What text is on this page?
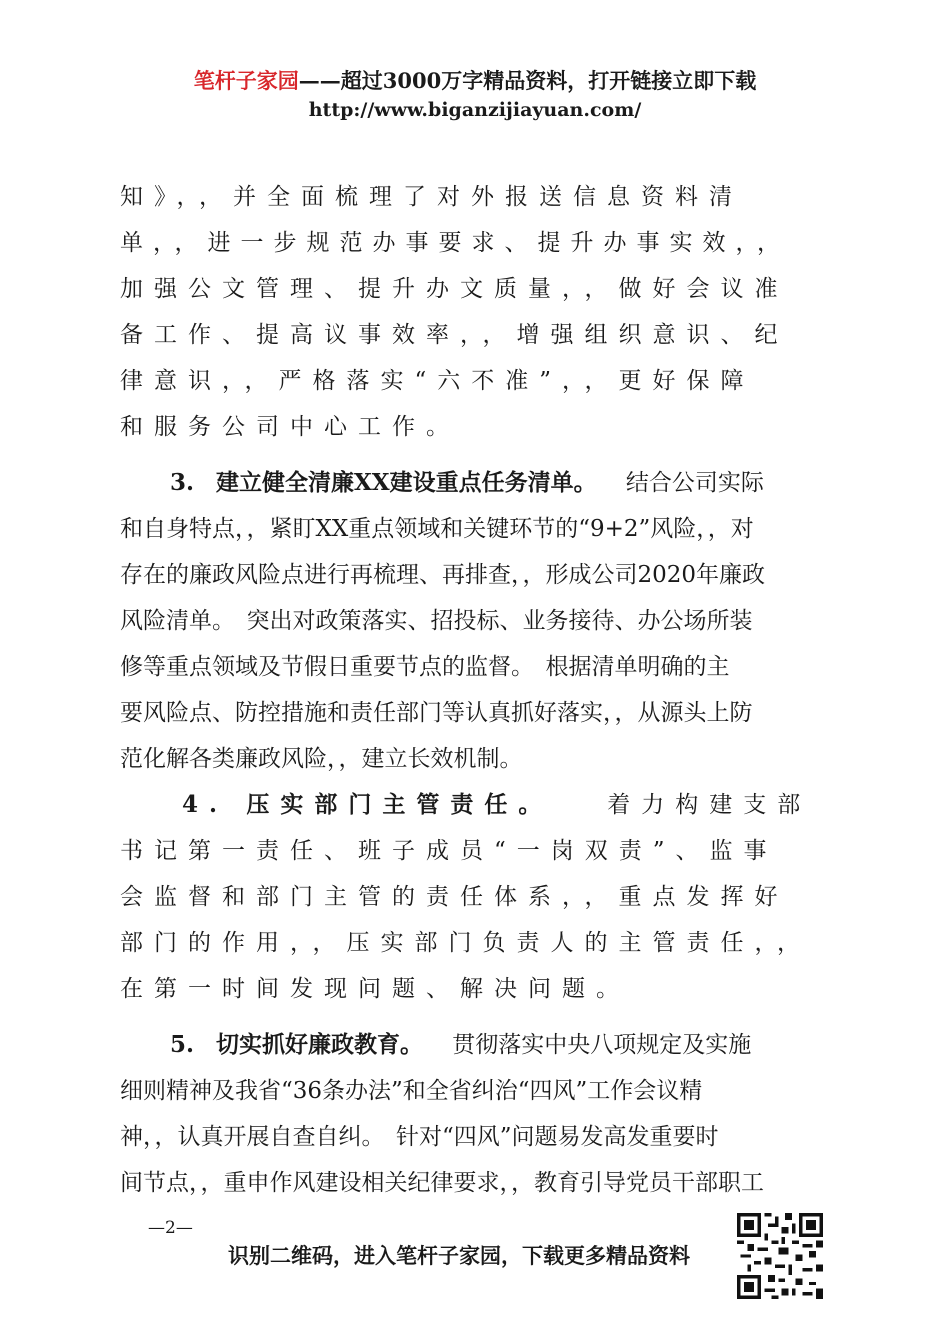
笔杆子家园——超过3000万字精品资料，打开链接立即下载
http://www.biganzijiayuan.com/
知》，，并全面梳理了对外报送信息资料清
单，，进一步规范办事要求、提升办事实效，，
加强公文管理、提升办文质量，，做好会议准
备工作、提高议事效率，，增强组织意识、纪
律意识，，严格落实“六不准”，，更好保障
和服务公司中心工作。
3. 建立健全清廉XX建设重点任务清单。 结合公司实际
和自身特点，，紧盯XX重点领域和关键环节的“9+2”风险，，对
存在的廉政风险点进行再梳理、再排查，，形成公司2020年廉政
风险清单。　突出对政策落实、招投标、业务接待、办公场所装
修等重点领域及节假日重要节点的监督。　根据清单明确的主
要风险点、防控措施和责任部门等认真抓好落实，，从源头上防
范化解各类廉政风险，，建立长效机制。
4. 压实部门主管责任。 着力构建支部
书记第一责任、班子成员“一岗双责”、监事
会监督和部门主管的责任体系，，重点发挥好
部门的作用，，压实部门负责人的主管责任，，
在第一时间发现问题、解决问题。
5. 切实抓好廉政教育。 贯彻落实中央八项规定及实施
细则精神及我省“36条办法”和全省纠治“四风”工作会议精
神，，认真开展自查自纠。　针对“四风”问题易发高发重要时
间节点，，重申作风建设相关纪律要求，，教育引导党员干部职工
—2—
识别二维码，进入笔杆子家园，下载更多精品资料
